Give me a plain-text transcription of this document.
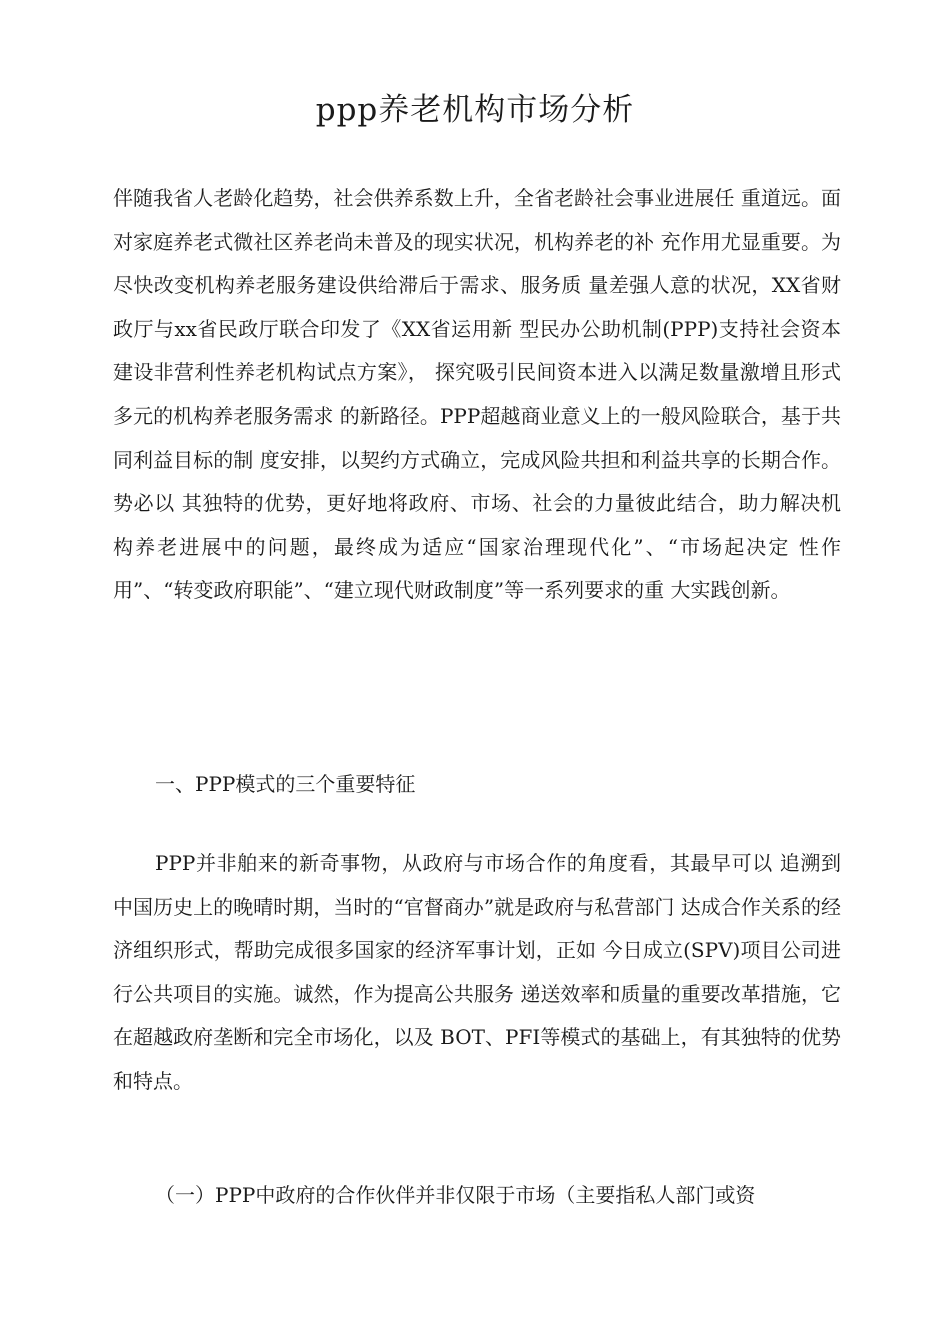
ppp养老机构市场分析

伴随我省人老龄化趋势，社会供养系数上升，全省老龄社会事业进展任 重道远。面对家庭养老式微社区养老尚未普及的现实状况，机构养老的补 充作用尤显重要。为尽快改变机构养老服务建设供给滞后于需求、服务质 量差强人意的状况，XX省财政厅与xx省民政厅联合印发了《XX省运用新 型民办公助机制(PPP)支持社会资本建设非营利性养老机构试点方案》， 探究吸引民间资本进入以满足数量激增且形式多元的机构养老服务需求 的新路径。PPP超越商业意义上的一般风险联合，基于共同利益目标的制 度安排，以契约方式确立，完成风险共担和利益共享的长期合作。势必以 其独特的优势，更好地将政府、市场、社会的力量彼此结合，助力解决机 构养老进展中的问题，最终成为适应“国家治理现代化”、“市场起决定 性作用”、“转变政府职能”、“建立现代财政制度”等一系列要求的重 大实践创新。

一、PPP模式的三个重要特征

PPP并非舶来的新奇事物，从政府与市场合作的角度看，其最早可以 追溯到中国历史上的晚晴时期，当时的“官督商办”就是政府与私营部门 达成合作关系的经济组织形式，帮助完成很多国家的经济军事计划，正如 今日成立(SPV)项目公司进行公共项目的实施。诚然，作为提高公共服务 递送效率和质量的重要改革措施，它在超越政府垄断和完全市场化，以及 BOT、PFI等模式的基础上，有其独特的优势和特点。

（一）PPP中政府的合作伙伴并非仅限于市场（主要指私人部门或资
